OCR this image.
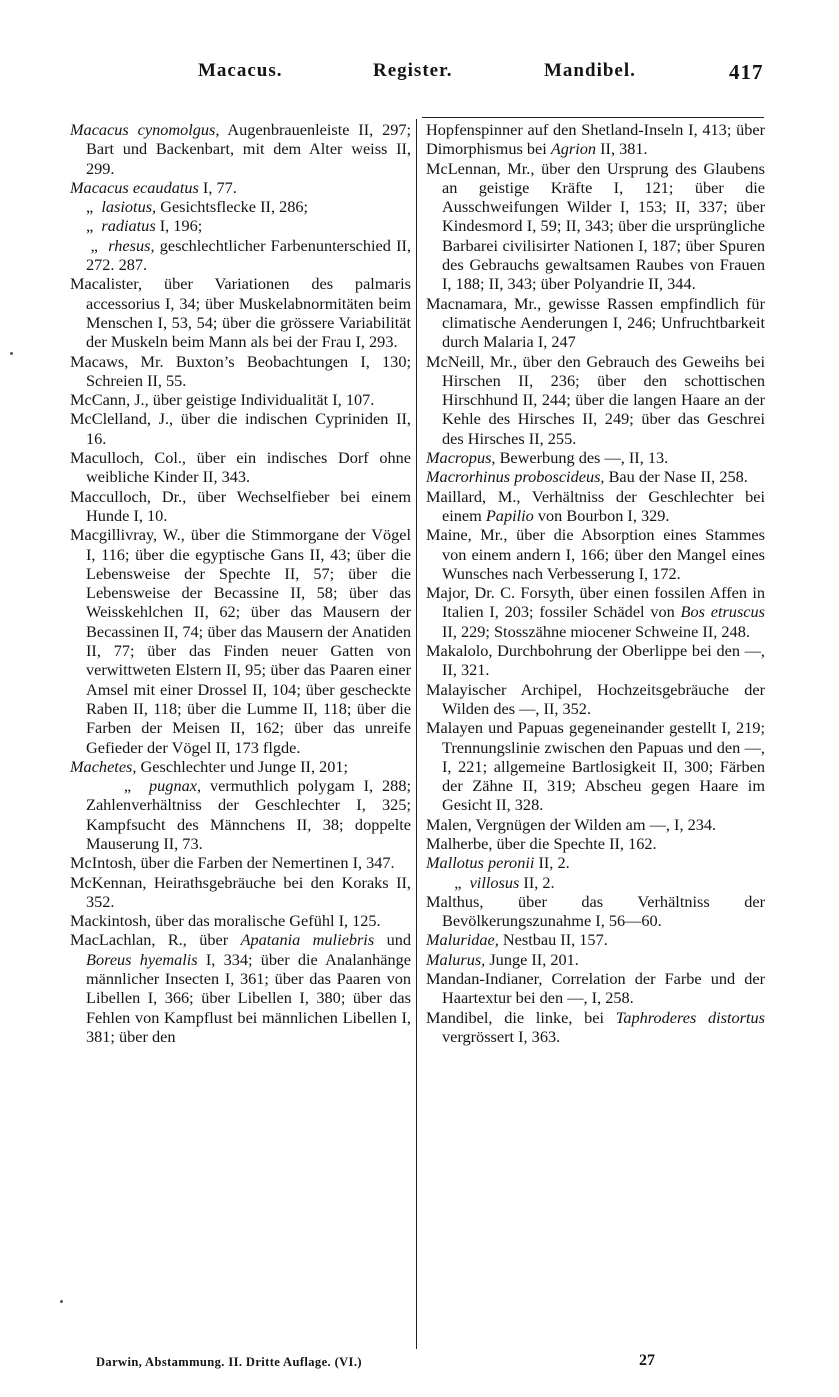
Macacus.	Register.	Mandibel.	417

Macacus cynomolgus, Augenbrauenleiste II, 297; Bart und Backenbart, mit dem Alter weiss II, 299.

Macacus ecaudatus I, 77.

„  lasiotus, Gesichtsflecke II, 286;

„  radiatus I, 196;

„  rhesus, geschlechtlicher Farbenunterschied II, 272. 287.

Macalister, über Variationen des palmaris accessorius I, 34; über Muskelabnormitäten beim Menschen I, 53, 54; über die grössere Variabilität der Muskeln beim Mann als bei der Frau I, 293.

Macaws, Mr. Buxton’s Beobachtungen I, 130; Schreien II, 55.

McCann, J., über geistige Individualität I, 107.

McClelland, J., über die indischen Cypriniden II, 16.

Maculloch, Col., über ein indisches Dorf ohne weibliche Kinder II, 343.

Macculloch, Dr., über Wechselfieber bei einem Hunde I, 10.

Macgillivray, W., über die Stimmorgane der Vögel I, 116; über die egyptische Gans II, 43; über die Lebensweise der Spechte II, 57; über die Lebensweise der Becassine II, 58; über das Weisskehlchen II, 62; über das Mausern der Becassinen II, 74; über das Mausern der Anatiden II, 77; über das Finden neuer Gatten von verwittweten Elstern II, 95; über das Paaren einer Amsel mit einer Drossel II, 104; über gescheckte Raben II, 118; über die Lumme II, 118; über die Farben der Meisen II, 162; über das unreife Gefieder der Vögel II, 173 flgde.

Machetes, Geschlechter und Junge II, 201;

„  pugnax, vermuthlich polygam I, 288; Zahlenverhältniss der Geschlechter I, 325; Kampfsucht des Männchens II, 38; doppelte Mauserung II, 73.

McIntosh, über die Farben der Nemertinen I, 347.

McKennan, Heirathsgebräuche bei den Koraks II, 352.

Mackintosh, über das moralische Gefühl I, 125.

MacLachlan, R., über Apatania muliebris und Boreus hyemalis I, 334; über die Analanhänge männlicher Insecten I, 361; über das Paaren von Libellen I, 366; über Libellen I, 380; über das Fehlen von Kampflust bei männlichen Libellen I, 381; über den

Hopfenspinner auf den Shetland-Inseln I, 413; über Dimorphismus bei Agrion II, 381.

McLennan, Mr., über den Ursprung des Glaubens an geistige Kräfte I, 121; über die Ausschweifungen Wilder I, 153; II, 337; über Kindesmord I, 59; II, 343; über die ursprüngliche Barbarei civilisirter Nationen I, 187; über Spuren des Gebrauchs gewaltsamen Raubes von Frauen I, 188; II, 343; über Polyandrie II, 344.

Macnamara, Mr., gewisse Rassen empfindlich für climatische Aenderungen I, 246; Unfruchtbarkeit durch Malaria I, 247

McNeill, Mr., über den Gebrauch des Geweihs bei Hirschen II, 236; über den schottischen Hirschhund II, 244; über die langen Haare an der Kehle des Hirsches II, 249; über das Geschrei des Hirsches II, 255.

Macropus, Bewerbung des —, II, 13.

Macrorhinus proboscideus, Bau der Nase II, 258.

Maillard, M., Verhältniss der Geschlechter bei einem Papilio von Bourbon I, 329.

Maine, Mr., über die Absorption eines Stammes von einem andern I, 166; über den Mangel eines Wunsches nach Verbesserung I, 172.

Major, Dr. C. Forsyth, über einen fossilen Affen in Italien I, 203; fossiler Schädel von Bos etruscus II, 229; Stosszähne miocener Schweine II, 248.

Makalolo, Durchbohrung der Oberlippe bei den —, II, 321.

Malayischer Archipel, Hochzeitsgebräuche der Wilden des —, II, 352.

Malayen und Papuas gegeneinander gestellt I, 219; Trennungslinie zwischen den Papuas und den —, I, 221; allgemeine Bartlosigkeit II, 300; Färben der Zähne II, 319; Abscheu gegen Haare im Gesicht II, 328.

Malen, Vergnügen der Wilden am —, I, 234.

Malherbe, über die Spechte II, 162.

Mallotus peronii II, 2.

„  villosus II, 2.

Malthus, über das Verhältniss der Bevölkerungszunahme I, 56—60.

Maluridae, Nestbau II, 157.

Malurus, Junge II, 201.

Mandan-Indianer, Correlation der Farbe und der Haartextur bei den —, I, 258.

Mandibel, die linke, bei Taphroderes distortus vergrössert I, 363.

Darwin, Abstammung. II. Dritte Auflage. (VI.)	27
